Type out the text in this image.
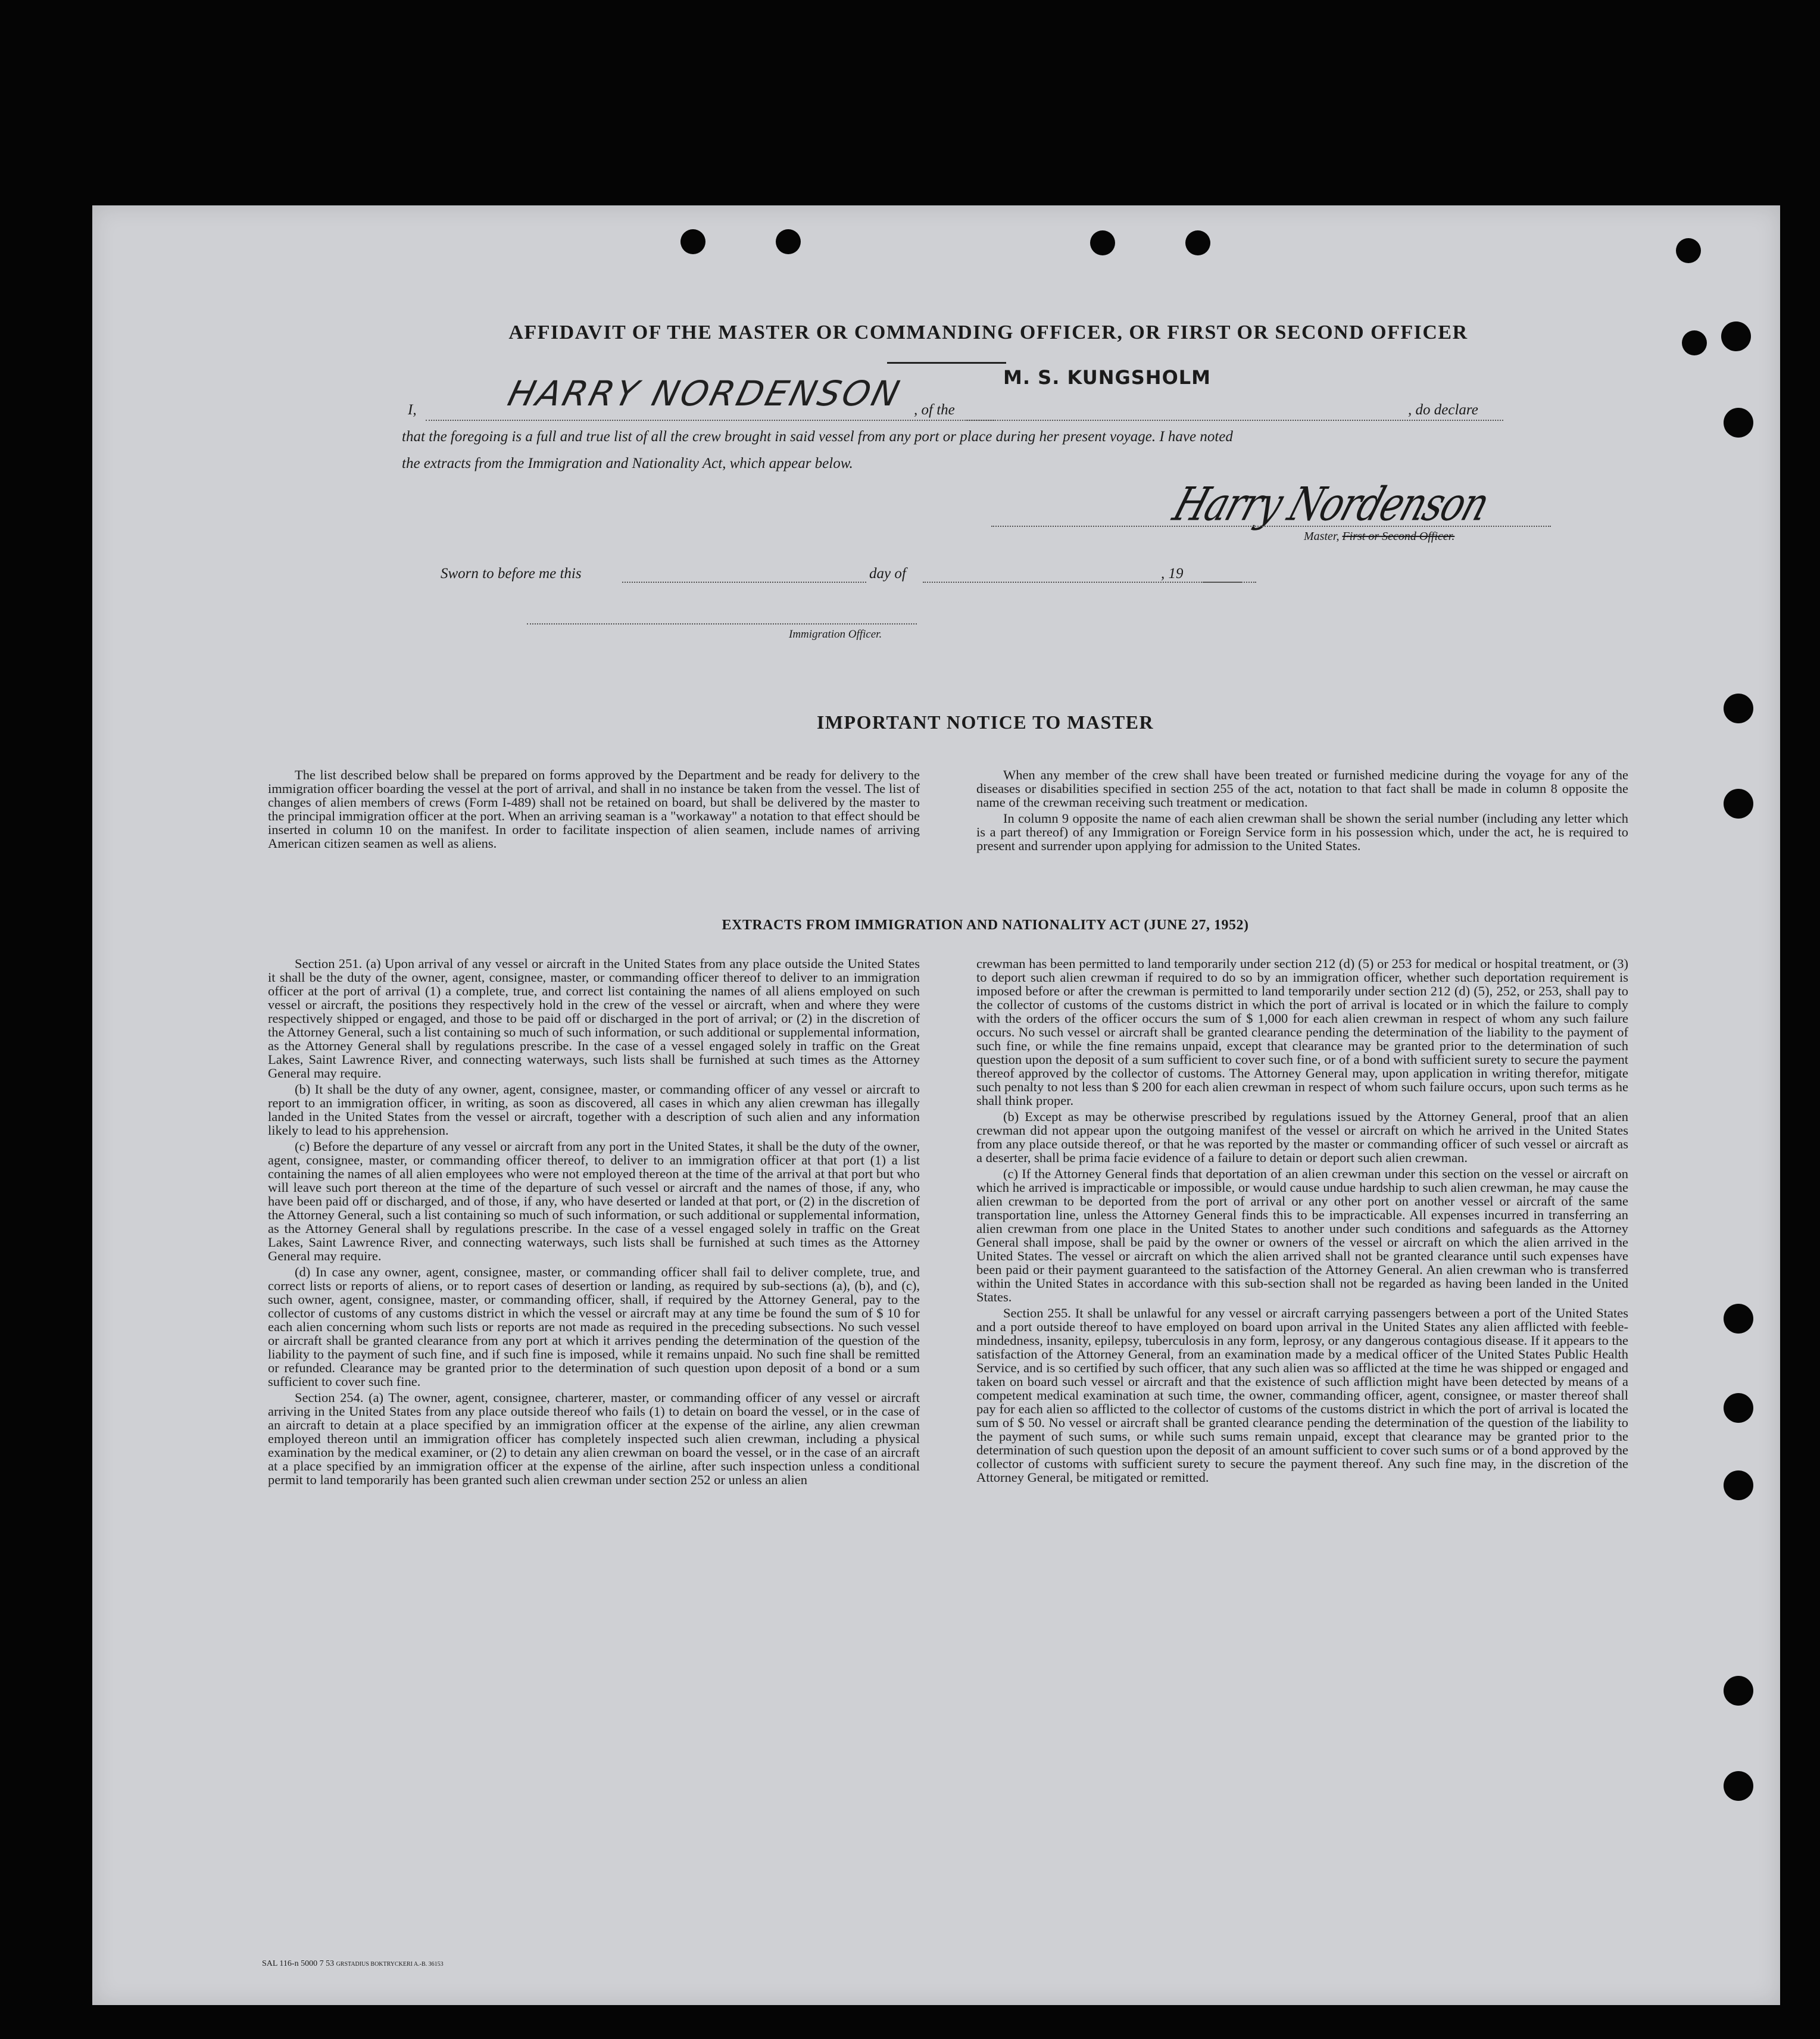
AFFIDAVIT OF THE MASTER OR COMMANDING OFFICER, OR FIRST OR SECOND OFFICER
I,	HARRY NORDENSON , of the
M. S. KUNGSHOLM
, do declare
that the foregoing is a full and true list of all the crew brought in said vessel from any port or place during her present voyage. I have noted
the extracts from the Immigration and Nationality Act, which appear below.
Harry Nordenson
Master, First or Second Officer.
Sworn to before me this	day of	, 19
Immigration Officer.
IMPORTANT NOTICE TO MASTER

The list described below shall be prepared on forms approved by the Department and be ready for delivery to the immigration officer boarding the vessel at the port of arrival, and shall in no instance be taken from the vessel. The list of changes of alien members of crews (Form I-489) shall not be retained on board, but shall be delivered by the master to the principal immigration officer at the port. When an arriving seaman is a "workaway" a notation to that effect should be inserted in column 10 on the manifest. In order to facilitate inspection of alien seamen, include names of arriving American citizen seamen as well as aliens.

When any member of the crew shall have been treated or furnished medicine during the voyage for any of the diseases or disabilities specified in section 255 of the act, notation to that fact shall be made in column 8 opposite the name of the crewman receiving such treatment or medication.

In column 9 opposite the name of each alien crewman shall be shown the serial number (including any letter which is a part thereof) of any Immigration or Foreign Service form in his possession which, under the act, he is required to present and surrender upon applying for admission to the United States.

EXTRACTS FROM IMMIGRATION AND NATIONALITY ACT (JUNE 27, 1952)

Section 251. (a) Upon arrival of any vessel or aircraft in the United States from any place outside the United States it shall be the duty of the owner, agent, consignee, master, or commanding officer thereof to deliver to an immigration officer at the port of arrival (1) a complete, true, and correct list containing the names of all aliens employed on such vessel or aircraft, the positions they respectively hold in the crew of the vessel or aircraft, when and where they were respectively shipped or engaged, and those to be paid off or discharged in the port of arrival; or (2) in the discretion of the Attorney General, such a list containing so much of such information, or such additional or supplemental information, as the Attorney General shall by regulations prescribe. In the case of a vessel engaged solely in traffic on the Great Lakes, Saint Lawrence River, and connecting waterways, such lists shall be furnished at such times as the Attorney General may require.

(b) It shall be the duty of any owner, agent, consignee, master, or commanding officer of any vessel or aircraft to report to an immigration officer, in writing, as soon as discovered, all cases in which any alien crewman has illegally landed in the United States from the vessel or aircraft, together with a description of such alien and any information likely to lead to his apprehension.

(c) Before the departure of any vessel or aircraft from any port in the United States, it shall be the duty of the owner, agent, consignee, master, or commanding officer thereof, to deliver to an immigration officer at that port (1) a list containing the names of all alien employees who were not employed thereon at the time of the arrival at that port but who will leave such port thereon at the time of the departure of such vessel or aircraft and the names of those, if any, who have been paid off or discharged, and of those, if any, who have deserted or landed at that port, or (2) in the discretion of the Attorney General, such a list containing so much of such information, or such additional or supplemental information, as the Attorney General shall by regulations prescribe. In the case of a vessel engaged solely in traffic on the Great Lakes, Saint Lawrence River, and connecting waterways, such lists shall be furnished at such times as the Attorney General may require.

(d) In case any owner, agent, consignee, master, or commanding officer shall fail to deliver complete, true, and correct lists or reports of aliens, or to report cases of desertion or landing, as required by sub-sections (a), (b), and (c), such owner, agent, consignee, master, or commanding officer, shall, if required by the Attorney General, pay to the collector of customs of any customs district in which the vessel or aircraft may at any time be found the sum of $ 10 for each alien concerning whom such lists or reports are not made as required in the preceding subsections. No such vessel or aircraft shall be granted clearance from any port at which it arrives pending the determination of the question of the liability to the payment of such fine, and if such fine is imposed, while it remains unpaid. No such fine shall be remitted or refunded. Clearance may be granted prior to the determination of such question upon deposit of a bond or a sum sufficient to cover such fine.

Section 254. (a) The owner, agent, consignee, charterer, master, or commanding officer of any vessel or aircraft arriving in the United States from any place outside thereof who fails (1) to detain on board the vessel, or in the case of an aircraft to detain at a place specified by an immigration officer at the expense of the airline, any alien crewman employed thereon until an immigration officer has completely inspected such alien crewman, including a physical examination by the medical examiner, or (2) to detain any alien crewman on board the vessel, or in the case of an aircraft at a place specified by an immigration officer at the expense of the airline, after such inspection unless a conditional permit to land temporarily has been granted such alien crewman under section 252 or unless an alien

crewman has been permitted to land temporarily under section 212 (d) (5) or 253 for medical or hospital treatment, or (3) to deport such alien crewman if required to do so by an immigration officer, whether such deportation requirement is imposed before or after the crewman is permitted to land temporarily under section 212 (d) (5), 252, or 253, shall pay to the collector of customs of the customs district in which the port of arrival is located or in which the failure to comply with the orders of the officer occurs the sum of $ 1,000 for each alien crewman in respect of whom any such failure occurs. No such vessel or aircraft shall be granted clearance pending the determination of the liability to the payment of such fine, or while the fine remains unpaid, except that clearance may be granted prior to the determination of such question upon the deposit of a sum sufficient to cover such fine, or of a bond with sufficient surety to secure the payment thereof approved by the collector of customs. The Attorney General may, upon application in writing therefor, mitigate such penalty to not less than $ 200 for each alien crewman in respect of whom such failure occurs, upon such terms as he shall think proper.

(b) Except as may be otherwise prescribed by regulations issued by the Attorney General, proof that an alien crewman did not appear upon the outgoing manifest of the vessel or aircraft on which he arrived in the United States from any place outside thereof, or that he was reported by the master or commanding officer of such vessel or aircraft as a deserter, shall be prima facie evidence of a failure to detain or deport such alien crewman.

(c) If the Attorney General finds that deportation of an alien crewman under this section on the vessel or aircraft on which he arrived is impracticable or impossible, or would cause undue hardship to such alien crewman, he may cause the alien crewman to be deported from the port of arrival or any other port on another vessel or aircraft of the same transportation line, unless the Attorney General finds this to be impracticable. All expenses incurred in transferring an alien crewman from one place in the United States to another under such conditions and safeguards as the Attorney General shall impose, shall be paid by the owner or owners of the vessel or aircraft on which the alien arrived in the United States. The vessel or aircraft on which the alien arrived shall not be granted clearance until such expenses have been paid or their payment guaranteed to the satisfaction of the Attorney General. An alien crewman who is transferred within the United States in accordance with this sub-section shall not be regarded as having been landed in the United States.

Section 255. It shall be unlawful for any vessel or aircraft carrying passengers between a port of the United States and a port outside thereof to have employed on board upon arrival in the United States any alien afflicted with feeble-mindedness, insanity, epilepsy, tuberculosis in any form, leprosy, or any dangerous contagious disease. If it appears to the satisfaction of the Attorney General, from an examination made by a medical officer of the United States Public Health Service, and is so certified by such officer, that any such alien was so afflicted at the time he was shipped or engaged and taken on board such vessel or aircraft and that the existence of such affliction might have been detected by means of a competent medical examination at such time, the owner, commanding officer, agent, consignee, or master thereof shall pay for each alien so afflicted to the collector of customs of the customs district in which the port of arrival is located the sum of $ 50. No vessel or aircraft shall be granted clearance pending the determination of the question of the liability to the payment of such sums, or while such sums remain unpaid, except that clearance may be granted prior to the determination of such question upon the deposit of an amount sufficient to cover such sums or of a bond approved by the collector of customs with sufficient surety to secure the payment thereof. Any such fine may, in the discretion of the Attorney General, be mitigated or remitted.

SAL 116-n 5000 7 53 GRSTADIUS BOKTRYCKERI A.-B. 36153
